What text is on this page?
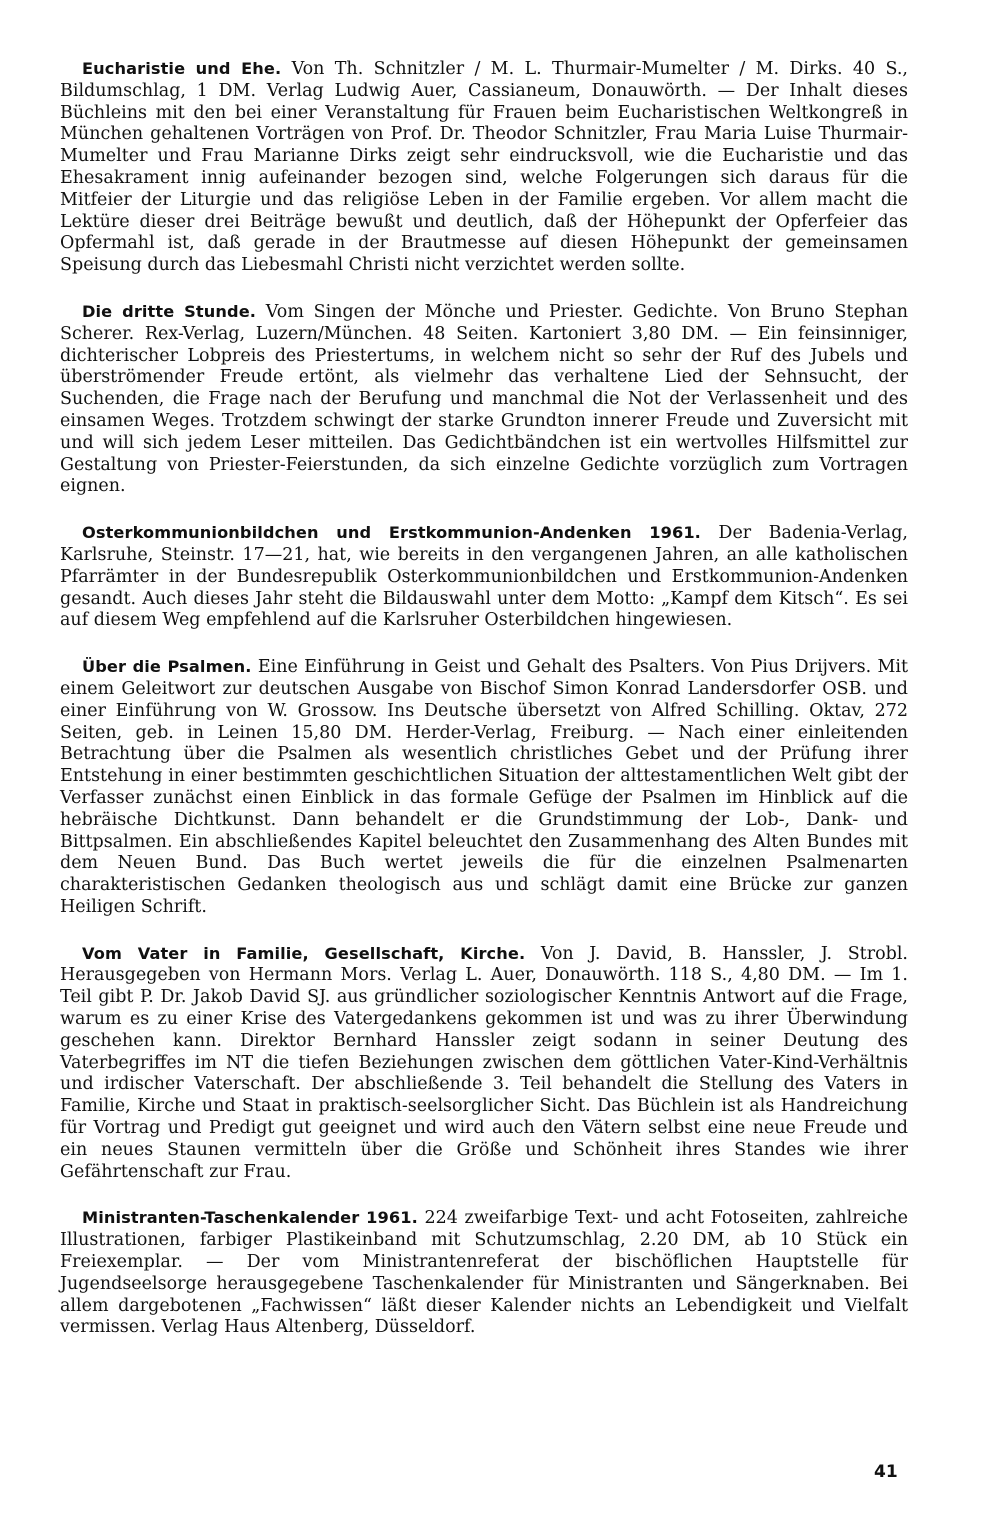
Eucharistie und Ehe. Von Th. Schnitzler / M. L. Thurmair-Mumelter / M. Dirks. 40 S., Bildumschlag, 1 DM. Verlag Ludwig Auer, Cassianeum, Donauwörth. — Der Inhalt dieses Büchleins mit den bei einer Veranstaltung für Frauen beim Eucharistischen Weltkongreß in München gehaltenen Vorträgen von Prof. Dr. Theodor Schnitzler, Frau Maria Luise Thurmair-Mumelter und Frau Marianne Dirks zeigt sehr eindrucksvoll, wie die Eucharistie und das Ehesakrament innig aufeinander bezogen sind, welche Folgerungen sich daraus für die Mitfeier der Liturgie und das religiöse Leben in der Familie ergeben. Vor allem macht die Lektüre dieser drei Beiträge bewußt und deutlich, daß der Höhepunkt der Opferfeier das Opfermahl ist, daß gerade in der Brautmesse auf diesen Höhepunkt der gemeinsamen Speisung durch das Liebesmahl Christi nicht verzichtet werden sollte.

Die dritte Stunde. Vom Singen der Mönche und Priester. Gedichte. Von Bruno Stephan Scherer. Rex-Verlag, Luzern/München. 48 Seiten. Kartoniert 3,80 DM. — Ein feinsinniger, dichterischer Lobpreis des Priestertums, in welchem nicht so sehr der Ruf des Jubels und überströmender Freude ertönt, als vielmehr das verhaltene Lied der Sehnsucht, der Suchenden, die Frage nach der Berufung und manchmal die Not der Verlassenheit und des einsamen Weges. Trotzdem schwingt der starke Grundton innerer Freude und Zuversicht mit und will sich jedem Leser mitteilen. Das Gedichtbändchen ist ein wertvolles Hilfsmittel zur Gestaltung von Priester-Feierstunden, da sich einzelne Gedichte vorzüglich zum Vortragen eignen.

Osterkommunionbildchen und Erstkommunion-Andenken 1961. Der Badenia-Verlag, Karlsruhe, Steinstr. 17—21, hat, wie bereits in den vergangenen Jahren, an alle katholischen Pfarrämter in der Bundesrepublik Osterkommunionbildchen und Erstkommunion-Andenken gesandt. Auch dieses Jahr steht die Bildauswahl unter dem Motto: „Kampf dem Kitsch“. Es sei auf diesem Weg empfehlend auf die Karlsruher Osterbildchen hingewiesen.

Über die Psalmen. Eine Einführung in Geist und Gehalt des Psalters. Von Pius Drijvers. Mit einem Geleitwort zur deutschen Ausgabe von Bischof Simon Konrad Landersdorfer OSB. und einer Einführung von W. Grossow. Ins Deutsche übersetzt von Alfred Schilling. Oktav, 272 Seiten, geb. in Leinen 15,80 DM. Herder-Verlag, Freiburg. — Nach einer einleitenden Betrachtung über die Psalmen als wesentlich christliches Gebet und der Prüfung ihrer Entstehung in einer bestimmten geschichtlichen Situation der alttestamentlichen Welt gibt der Verfasser zunächst einen Einblick in das formale Gefüge der Psalmen im Hinblick auf die hebräische Dichtkunst. Dann behandelt er die Grundstimmung der Lob-, Dank- und Bittpsalmen. Ein abschließendes Kapitel beleuchtet den Zusammenhang des Alten Bundes mit dem Neuen Bund. Das Buch wertet jeweils die für die einzelnen Psalmenarten charakteristischen Gedanken theologisch aus und schlägt damit eine Brücke zur ganzen Heiligen Schrift.

Vom Vater in Familie, Gesellschaft, Kirche. Von J. David, B. Hanssler, J. Strobl. Herausgegeben von Hermann Mors. Verlag L. Auer, Donauwörth. 118 S., 4,80 DM. — Im 1. Teil gibt P. Dr. Jakob David SJ. aus gründlicher soziologischer Kenntnis Antwort auf die Frage, warum es zu einer Krise des Vatergedankens gekommen ist und was zu ihrer Überwindung geschehen kann. Direktor Bernhard Hanssler zeigt sodann in seiner Deutung des Vaterbegriffes im NT die tiefen Beziehungen zwischen dem göttlichen Vater-Kind-Verhältnis und irdischer Vaterschaft. Der abschließende 3. Teil behandelt die Stellung des Vaters in Familie, Kirche und Staat in praktisch-seelsorglicher Sicht. Das Büchlein ist als Handreichung für Vortrag und Predigt gut geeignet und wird auch den Vätern selbst eine neue Freude und ein neues Staunen vermitteln über die Größe und Schönheit ihres Standes wie ihrer Gefährtenschaft zur Frau.

Ministranten-Taschenkalender 1961. 224 zweifarbige Text- und acht Fotoseiten, zahlreiche Illustrationen, farbiger Plastikeinband mit Schutzumschlag, 2.20 DM, ab 10 Stück ein Freiexemplar. — Der vom Ministrantenreferat der bischöflichen Hauptstelle für Jugendseelsorge herausgegebene Taschenkalender für Ministranten und Sängerknaben. Bei allem dargebotenen „Fachwissen“ läßt dieser Kalender nichts an Lebendigkeit und Vielfalt vermissen. Verlag Haus Altenberg, Düsseldorf.

41
